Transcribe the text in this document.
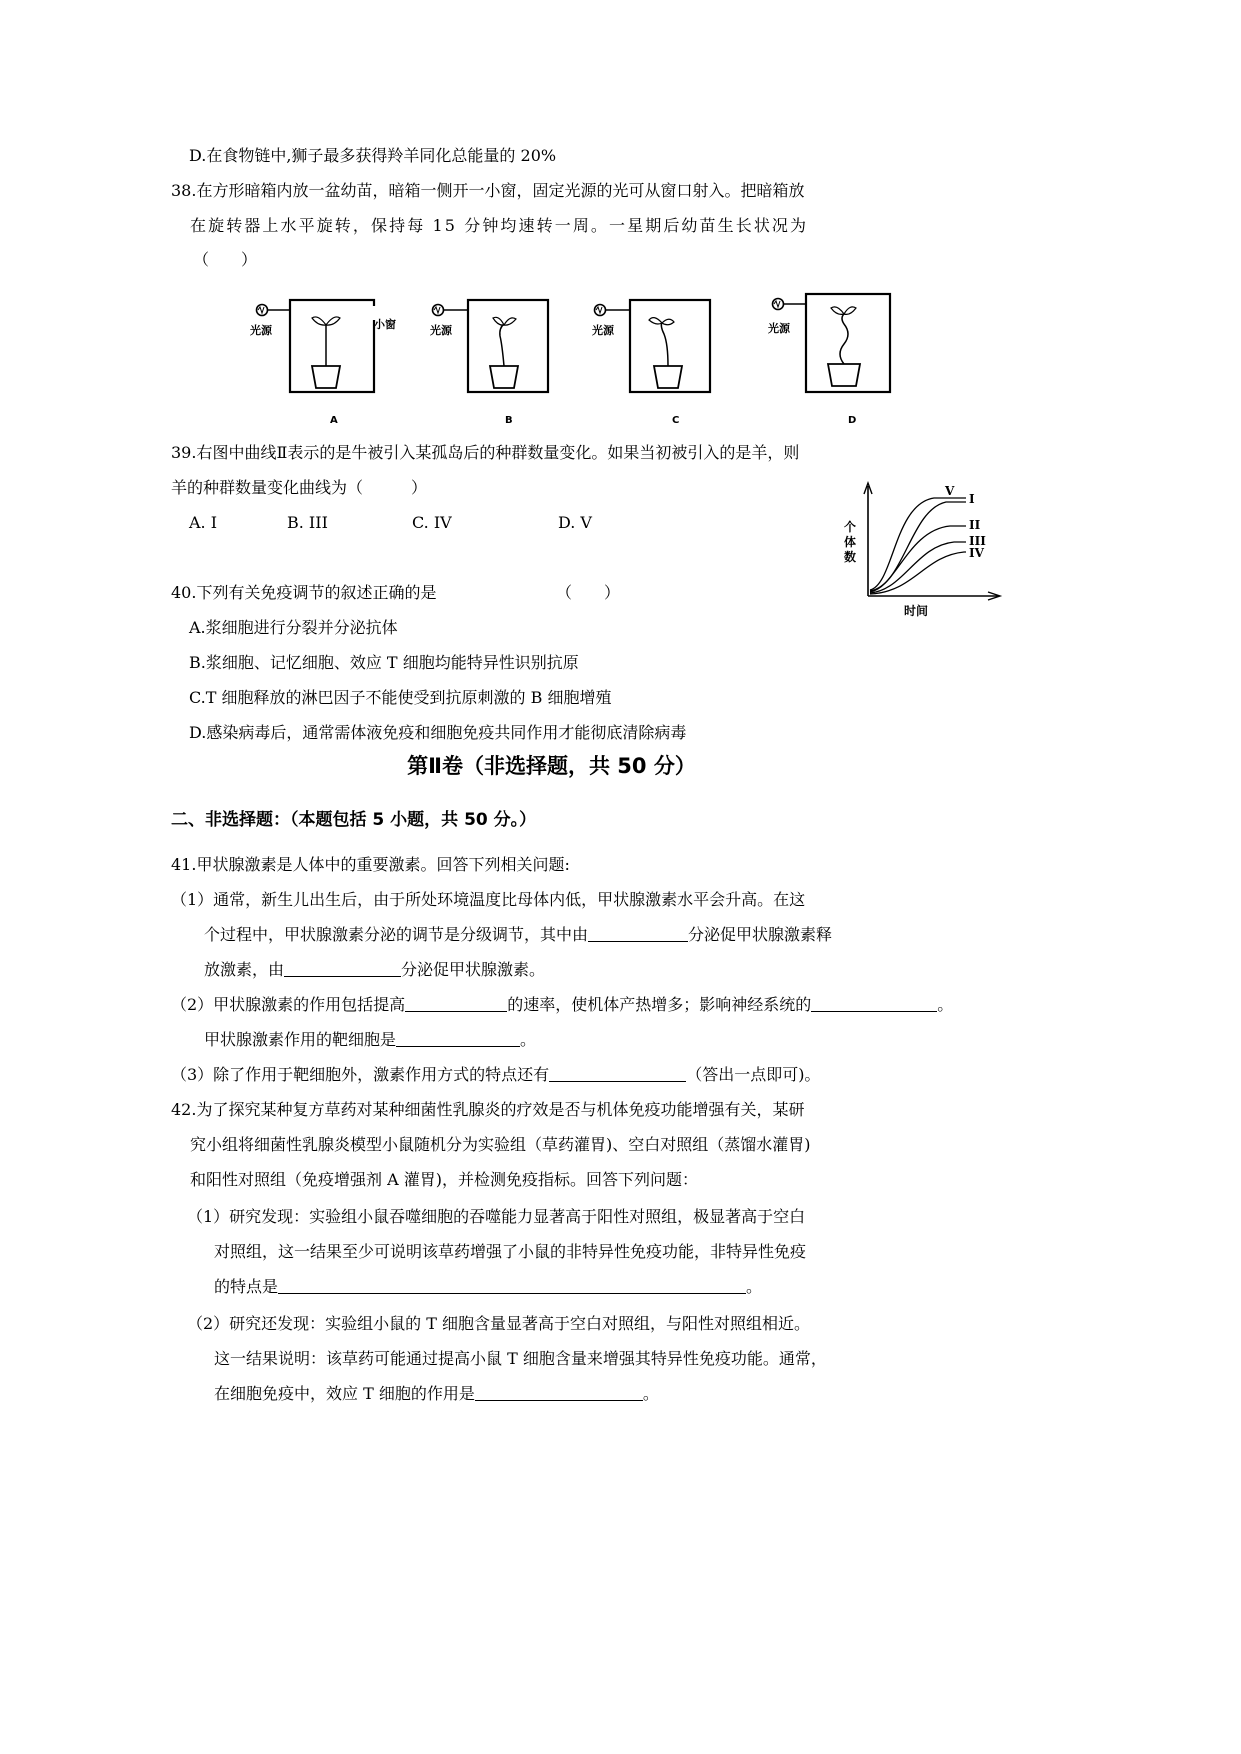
D.在食物链中,狮子最多获得羚羊同化总能量的 20%
38.在方形暗箱内放一盆幼苗，暗箱一侧开一小窗，固定光源的光可从窗口射入。把暗箱放
在旋转器上水平旋转，保持每 15 分钟均速转一周。一星期后幼苗生长状况为
（　　）
光源	小窗
A
光源
B
光源
C
光源
D
39.右图中曲线Ⅱ表示的是牛被引入某孤岛后的种群数量变化。如果当初被引入的是羊，则
羊的种群数量变化曲线为（　　　）
A. I	B. III	C. IV	D. V
V
I
II
III
IV
个
体
数
时间
40.下列有关免疫调节的叙述正确的是	（　　）
A.浆细胞进行分裂并分泌抗体
B.浆细胞、记忆细胞、效应 T 细胞均能特异性识别抗原
C.T 细胞释放的淋巴因子不能使受到抗原刺激的 B 细胞增殖
D.感染病毒后，通常需体液免疫和细胞免疫共同作用才能彻底清除病毒
第Ⅱ卷（非选择题，共 50 分）
二、非选择题：（本题包括 5 小题，共 50 分。）
41.甲状腺激素是人体中的重要激素。回答下列相关问题:
（1）通常，新生儿出生后，由于所处环境温度比母体内低，甲状腺激素水平会升高。在这
个过程中，甲状腺激素分泌的调节是分级调节，其中由	分泌促甲状腺激素释
放激素，由	分泌促甲状腺激素。
（2）甲状腺激素的作用包括提高	的速率，使机体产热增多；影响神经系统的	。
甲状腺激素作用的靶细胞是	。
（3）除了作用于靶细胞外，激素作用方式的特点还有	（答出一点即可)。
42.为了探究某种复方草药对某种细菌性乳腺炎的疗效是否与机体免疫功能增强有关，某研
究小组将细菌性乳腺炎模型小鼠随机分为实验组（草药灌胃)、空白对照组（蒸馏水灌胃)
和阳性对照组（免疫增强剂 A 灌胃)，并检测免疫指标。回答下列问题：
（1）研究发现：实验组小鼠吞噬细胞的吞噬能力显著高于阳性对照组，极显著高于空白
对照组，这一结果至少可说明该草药增强了小鼠的非特异性免疫功能，非特异性免疫
的特点是	。
（2）研究还发现：实验组小鼠的 T 细胞含量显著高于空白对照组，与阳性对照组相近。
这一结果说明：该草药可能通过提高小鼠 T 细胞含量来增强其特异性免疫功能。通常，
在细胞免疫中，效应 T 细胞的作用是	。
